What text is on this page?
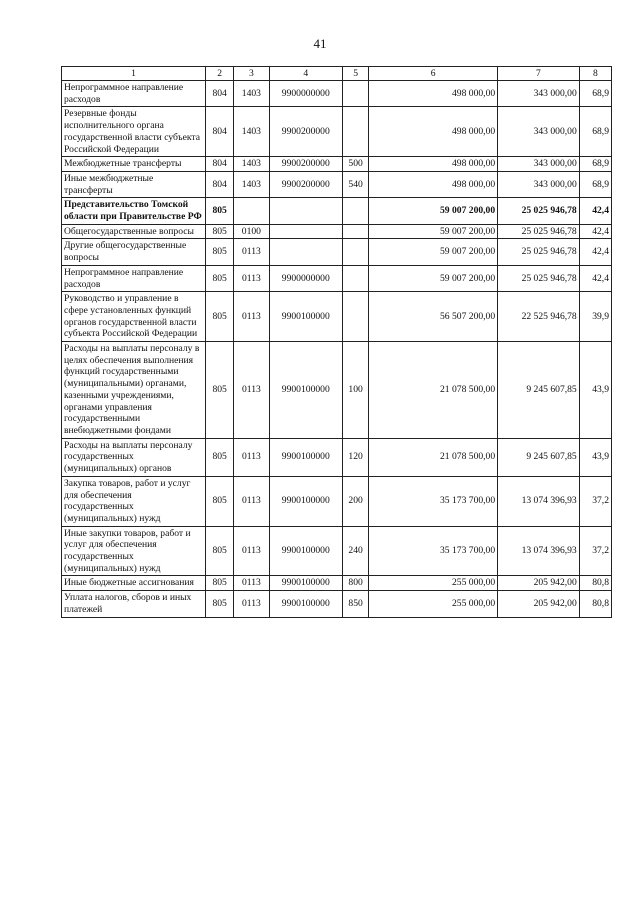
41
1	2	3	4	5	6	7	8
Непрограммное направление расходов	804	1403	9900000000		498 000,00	343 000,00	68,9
Резервные фонды исполнительного органа государственной власти субъекта Российской Федерации	804	1403	9900200000		498 000,00	343 000,00	68,9
Межбюджетные трансферты	804	1403	9900200000	500	498 000,00	343 000,00	68,9
Иные межбюджетные трансферты	804	1403	9900200000	540	498 000,00	343 000,00	68,9
Представительство Томской области при Правительстве РФ	805				59 007 200,00	25 025 946,78	42,4
Общегосударственные вопросы	805	0100			59 007 200,00	25 025 946,78	42,4
Другие общегосударственные вопросы	805	0113			59 007 200,00	25 025 946,78	42,4
Непрограммное направление расходов	805	0113	9900000000		59 007 200,00	25 025 946,78	42,4
Руководство и управление в сфере установленных функций органов государственной власти субъекта Российской Федерации	805	0113	9900100000		56 507 200,00	22 525 946,78	39,9
Расходы на выплаты персоналу в целях обеспечения выполнения функций государственными (муниципальными) органами, казенными учреждениями, органами управления государственными внебюджетными фондами	805	0113	9900100000	100	21 078 500,00	9 245 607,85	43,9
Расходы на выплаты персоналу государственных (муниципальных) органов	805	0113	9900100000	120	21 078 500,00	9 245 607,85	43,9
Закупка товаров, работ и услуг для обеспечения государственных (муниципальных) нужд	805	0113	9900100000	200	35 173 700,00	13 074 396,93	37,2
Иные закупки товаров, работ и услуг для обеспечения государственных (муниципальных) нужд	805	0113	9900100000	240	35 173 700,00	13 074 396,93	37,2
Иные бюджетные ассигнования	805	0113	9900100000	800	255 000,00	205 942,00	80,8
Уплата налогов, сборов и иных платежей	805	0113	9900100000	850	255 000,00	205 942,00	80,8
